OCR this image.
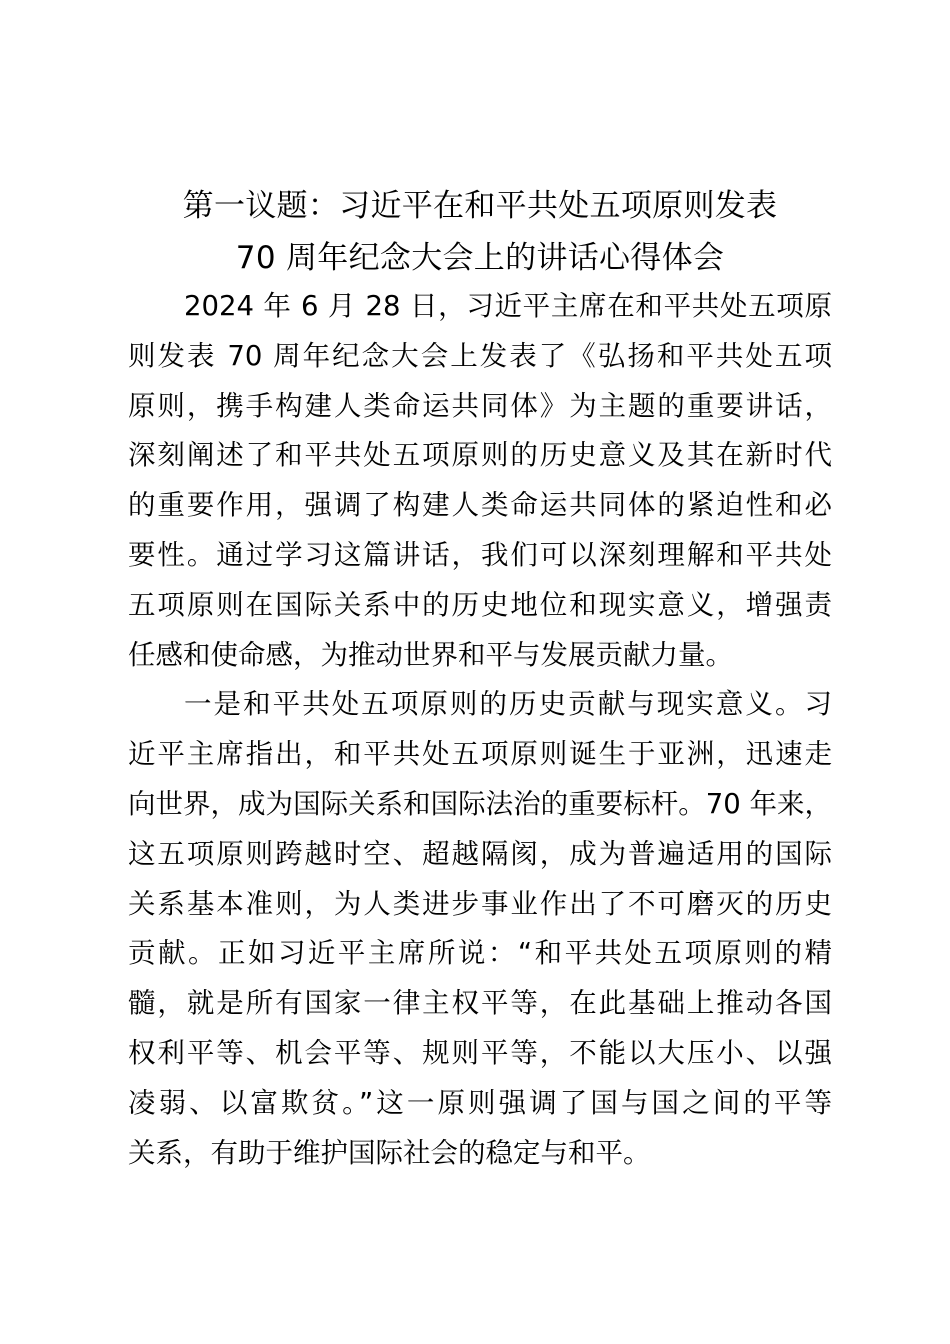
第一议题：习近平在和平共处五项原则发表
70 周年纪念大会上的讲话心得体会

2024 年 6 月 28 日，习近平主席在和平共处五项原
则发表 70 周年纪念大会上发表了《弘扬和平共处五项
原则，携手构建人类命运共同体》为主题的重要讲话，
深刻阐述了和平共处五项原则的历史意义及其在新时代
的重要作用，强调了构建人类命运共同体的紧迫性和必
要性。通过学习这篇讲话，我们可以深刻理解和平共处
五项原则在国际关系中的历史地位和现实意义，增强责
任感和使命感，为推动世界和平与发展贡献力量。

一是和平共处五项原则的历史贡献与现实意义。习
近平主席指出，和平共处五项原则诞生于亚洲，迅速走
向世界，成为国际关系和国际法治的重要标杆。70 年来，
这五项原则跨越时空、超越隔阂，成为普遍适用的国际
关系基本准则，为人类进步事业作出了不可磨灭的历史
贡献。正如习近平主席所说：“和平共处五项原则的精
髓，就是所有国家一律主权平等，在此基础上推动各国
权利平等、机会平等、规则平等，不能以大压小、以强
凌弱、以富欺贫。”这一原则强调了国与国之间的平等
关系，有助于维护国际社会的稳定与和平。
